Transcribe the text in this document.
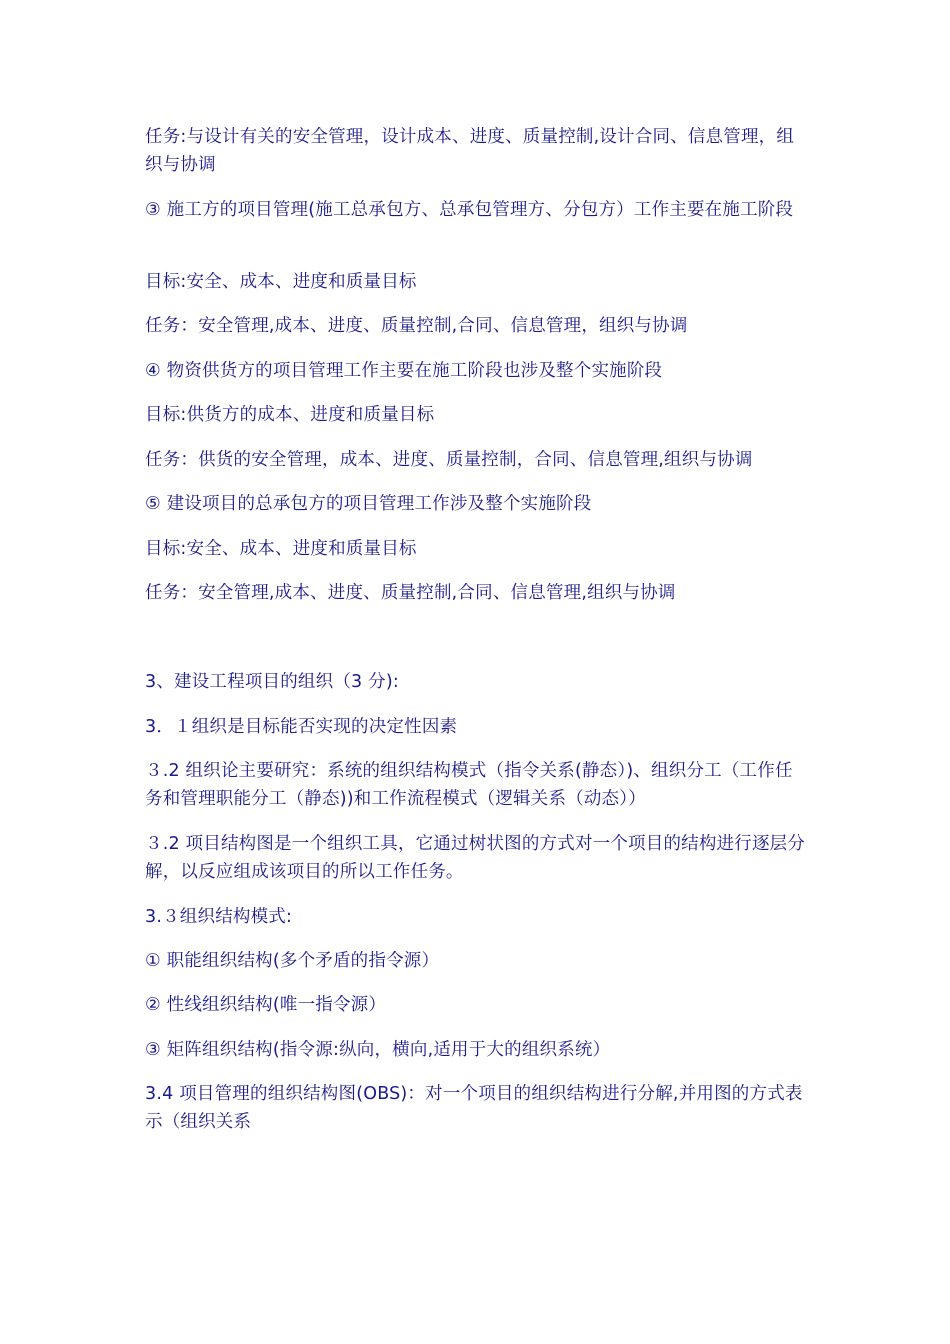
任务:与设计有关的安全管理，设计成本、进度、质量控制,设计合同、信息管理，组织与协调

③ 施工方的项目管理(施工总承包方、总承包管理方、分包方）工作主要在施工阶段

目标:安全、成本、进度和质量目标

任务：安全管理,成本、进度、质量控制,合同、信息管理，组织与协调

④ 物资供货方的项目管理工作主要在施工阶段也涉及整个实施阶段

目标:供货方的成本、进度和质量目标

任务：供货的安全管理，成本、进度、质量控制，合同、信息管理,组织与协调

⑤ 建设项目的总承包方的项目管理工作涉及整个实施阶段

目标:安全、成本、进度和质量目标

任务：安全管理,成本、进度、质量控制,合同、信息管理,组织与协调

3、建设工程项目的组织（3 分):

3．１组织是目标能否实现的决定性因素

３.2 组织论主要研究：系统的组织结构模式（指令关系(静态）)、组织分工（工作任务和管理职能分工（静态))和工作流程模式（逻辑关系（动态））

３.2 项目结构图是一个组织工具，它通过树状图的方式对一个项目的结构进行逐层分解，以反应组成该项目的所以工作任务。

3.３组织结构模式:

① 职能组织结构(多个矛盾的指令源）

② 性线组织结构(唯一指令源）

③ 矩阵组织结构(指令源:纵向，横向,适用于大的组织系统）

3.4 项目管理的组织结构图(OBS)：对一个项目的组织结构进行分解,并用图的方式表示（组织关系
